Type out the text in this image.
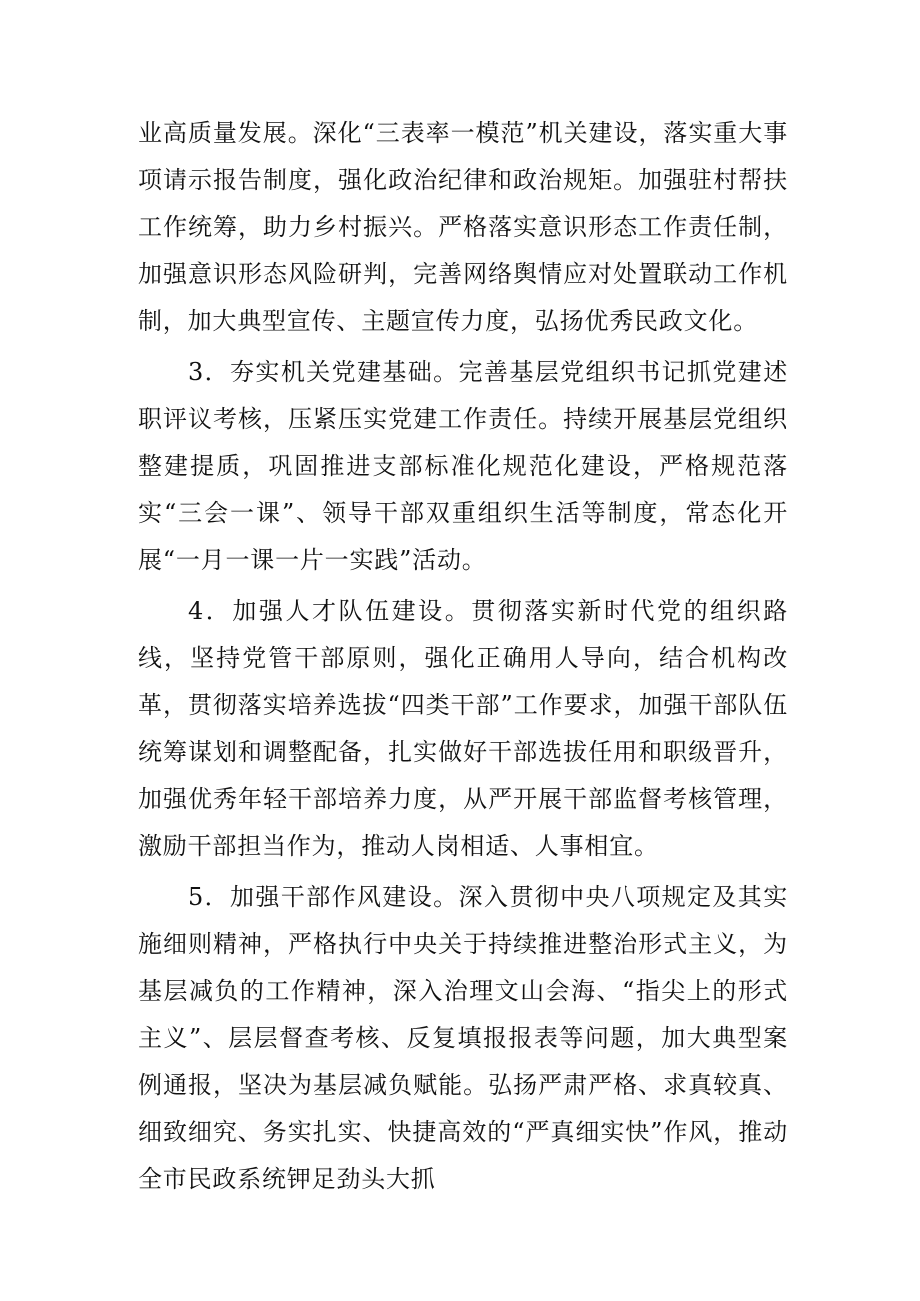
业高质量发展。深化“三表率一模范”机关建设，落实重大事项请示报告制度，强化政治纪律和政治规矩。加强驻村帮扶工作统筹，助力乡村振兴。严格落实意识形态工作责任制，加强意识形态风险研判，完善网络舆情应对处置联动工作机制，加大典型宣传、主题宣传力度，弘扬优秀民政文化。

3．夯实机关党建基础。完善基层党组织书记抓党建述职评议考核，压紧压实党建工作责任。持续开展基层党组织整建提质，巩固推进支部标准化规范化建设，严格规范落实“三会一课”、领导干部双重组织生活等制度，常态化开展“一月一课一片一实践”活动。

4．加强人才队伍建设。贯彻落实新时代党的组织路线，坚持党管干部原则，强化正确用人导向，结合机构改革，贯彻落实培养选拔“四类干部”工作要求，加强干部队伍统筹谋划和调整配备，扎实做好干部选拔任用和职级晋升，加强优秀年轻干部培养力度，从严开展干部监督考核管理，激励干部担当作为，推动人岗相适、人事相宜。

5．加强干部作风建设。深入贯彻中央八项规定及其实施细则精神，严格执行中央关于持续推进整治形式主义，为基层减负的工作精神，深入治理文山会海、“指尖上的形式主义”、层层督查考核、反复填报报表等问题，加大典型案例通报，坚决为基层减负赋能。弘扬严肃严格、求真较真、细致细究、务实扎实、快捷高效的“严真细实快”作风，推动全市民政系统钾足劲头大抓
